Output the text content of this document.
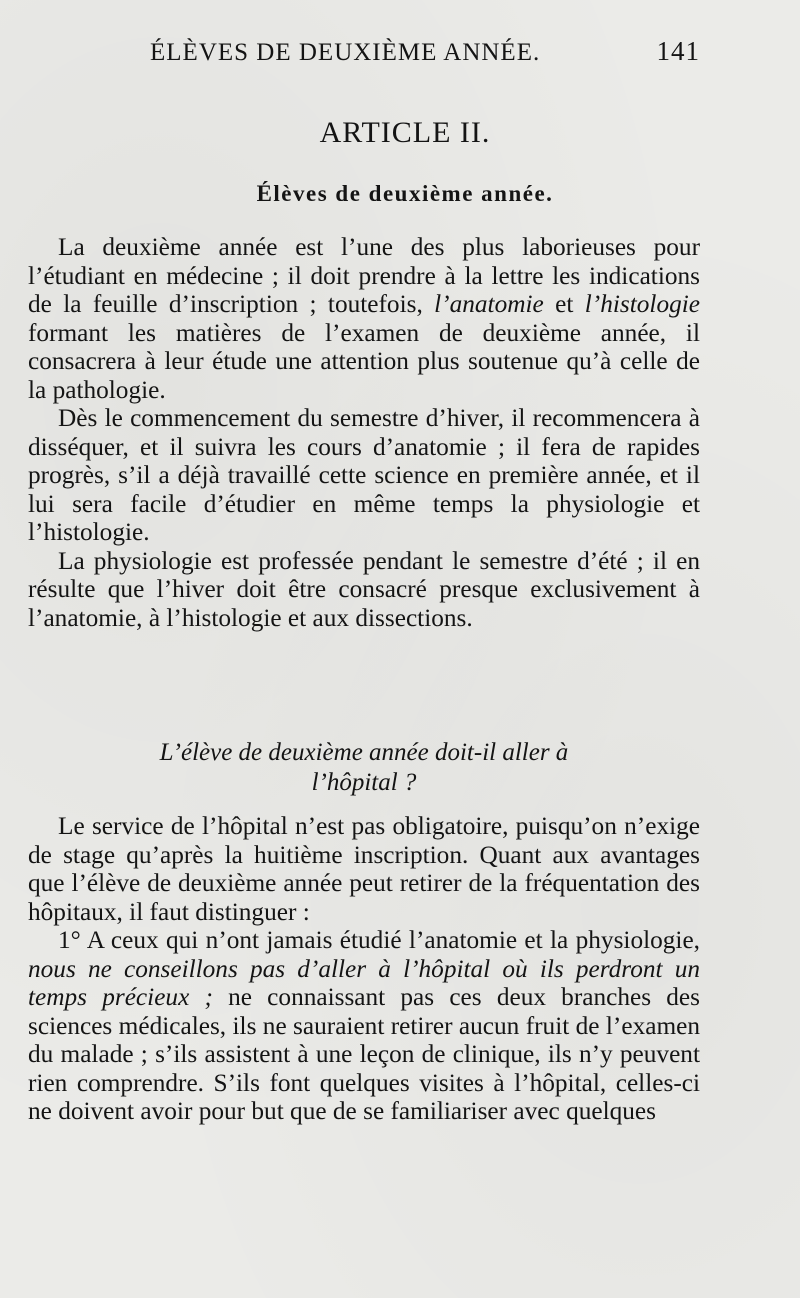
ÉLÈVES DE DEUXIÈME ANNÉE.	141
ARTICLE II.
Élèves de deuxième année.

La deuxième année est l’une des plus laborieuses pour l’étudiant en médecine ; il doit prendre à la lettre les indications de la feuille d’inscription ; toutefois, l’anatomie et l’histologie formant les matières de l’examen de deuxième année, il consacrera à leur étude une attention plus soutenue qu’à celle de la pathologie.

Dès le commencement du semestre d’hiver, il recommencera à disséquer, et il suivra les cours d’anatomie ; il fera de rapides progrès, s’il a déjà travaillé cette science en première année, et il lui sera facile d’étudier en même temps la physiologie et l’histologie.

La physiologie est professée pendant le semestre d’été ; il en résulte que l’hiver doit être consacré presque exclusivement à l’anatomie, à l’histologie et aux dissections.

L’élève de deuxième année doit-il aller à
l’hôpital ?

Le service de l’hôpital n’est pas obligatoire, puisqu’on n’exige de stage qu’après la huitième inscription. Quant aux avantages que l’élève de deuxième année peut retirer de la fréquentation des hôpitaux, il faut distinguer :

1° A ceux qui n’ont jamais étudié l’anatomie et la physiologie, nous ne conseillons pas d’aller à l’hôpital où ils perdront un temps précieux ; ne connaissant pas ces deux branches des sciences médicales, ils ne sauraient retirer aucun fruit de l’examen du malade ; s’ils assistent à une leçon de clinique, ils n’y peuvent rien comprendre. S’ils font quelques visites à l’hôpital, celles-ci ne doivent avoir pour but que de se familiariser avec quelques
